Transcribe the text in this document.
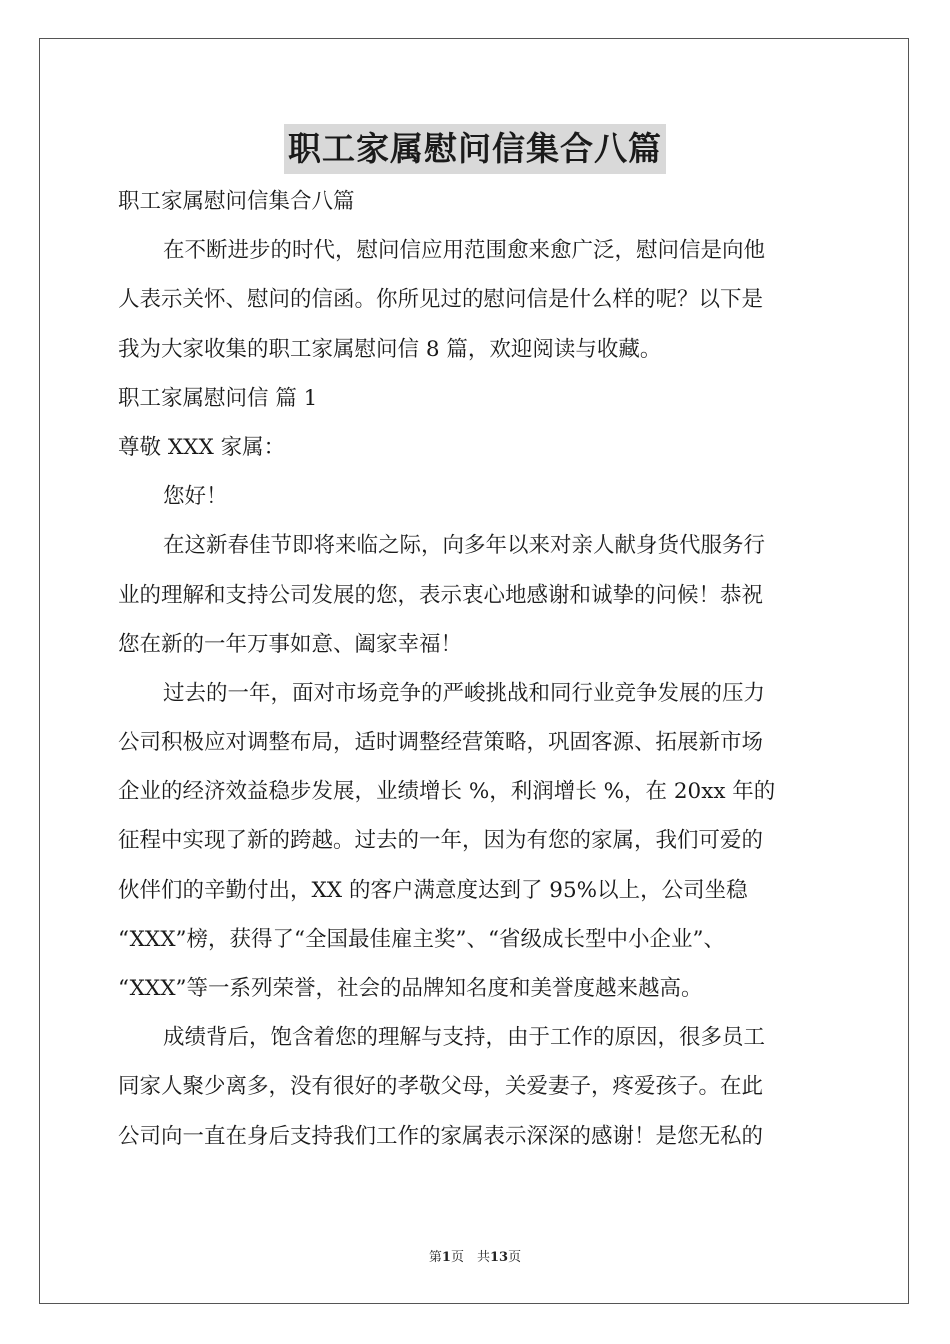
职工家属慰问信集合八篇
职工家属慰问信集合八篇
在不断进步的时代，慰问信应用范围愈来愈广泛，慰问信是向他
人表示关怀、慰问的信函。你所见过的慰问信是什么样的呢？以下是
我为大家收集的职工家属慰问信 8 篇，欢迎阅读与收藏。
职工家属慰问信 篇 1
尊敬 XXX 家属：
您好！
在这新春佳节即将来临之际，向多年以来对亲人献身货代服务行
业的理解和支持公司发展的您，表示衷心地感谢和诚挚的问候！恭祝
您在新的一年万事如意、阖家幸福！
过去的一年，面对市场竞争的严峻挑战和同行业竞争发展的压力
公司积极应对调整布局，适时调整经营策略，巩固客源、拓展新市场
企业的经济效益稳步发展，业绩增长 %，利润增长 %，在 20xx 年的
征程中实现了新的跨越。过去的一年，因为有您的家属，我们可爱的
伙伴们的辛勤付出，XX 的客户满意度达到了 95%以上，公司坐稳
“XXX”榜，获得了“全国最佳雇主奖”、“省级成长型中小企业”、
“XXX”等一系列荣誉，社会的品牌知名度和美誉度越来越高。
成绩背后，饱含着您的理解与支持，由于工作的原因，很多员工
同家人聚少离多，没有很好的孝敬父母，关爱妻子，疼爱孩子。在此
公司向一直在身后支持我们工作的家属表示深深的感谢！是您无私的
第1页　共13页
